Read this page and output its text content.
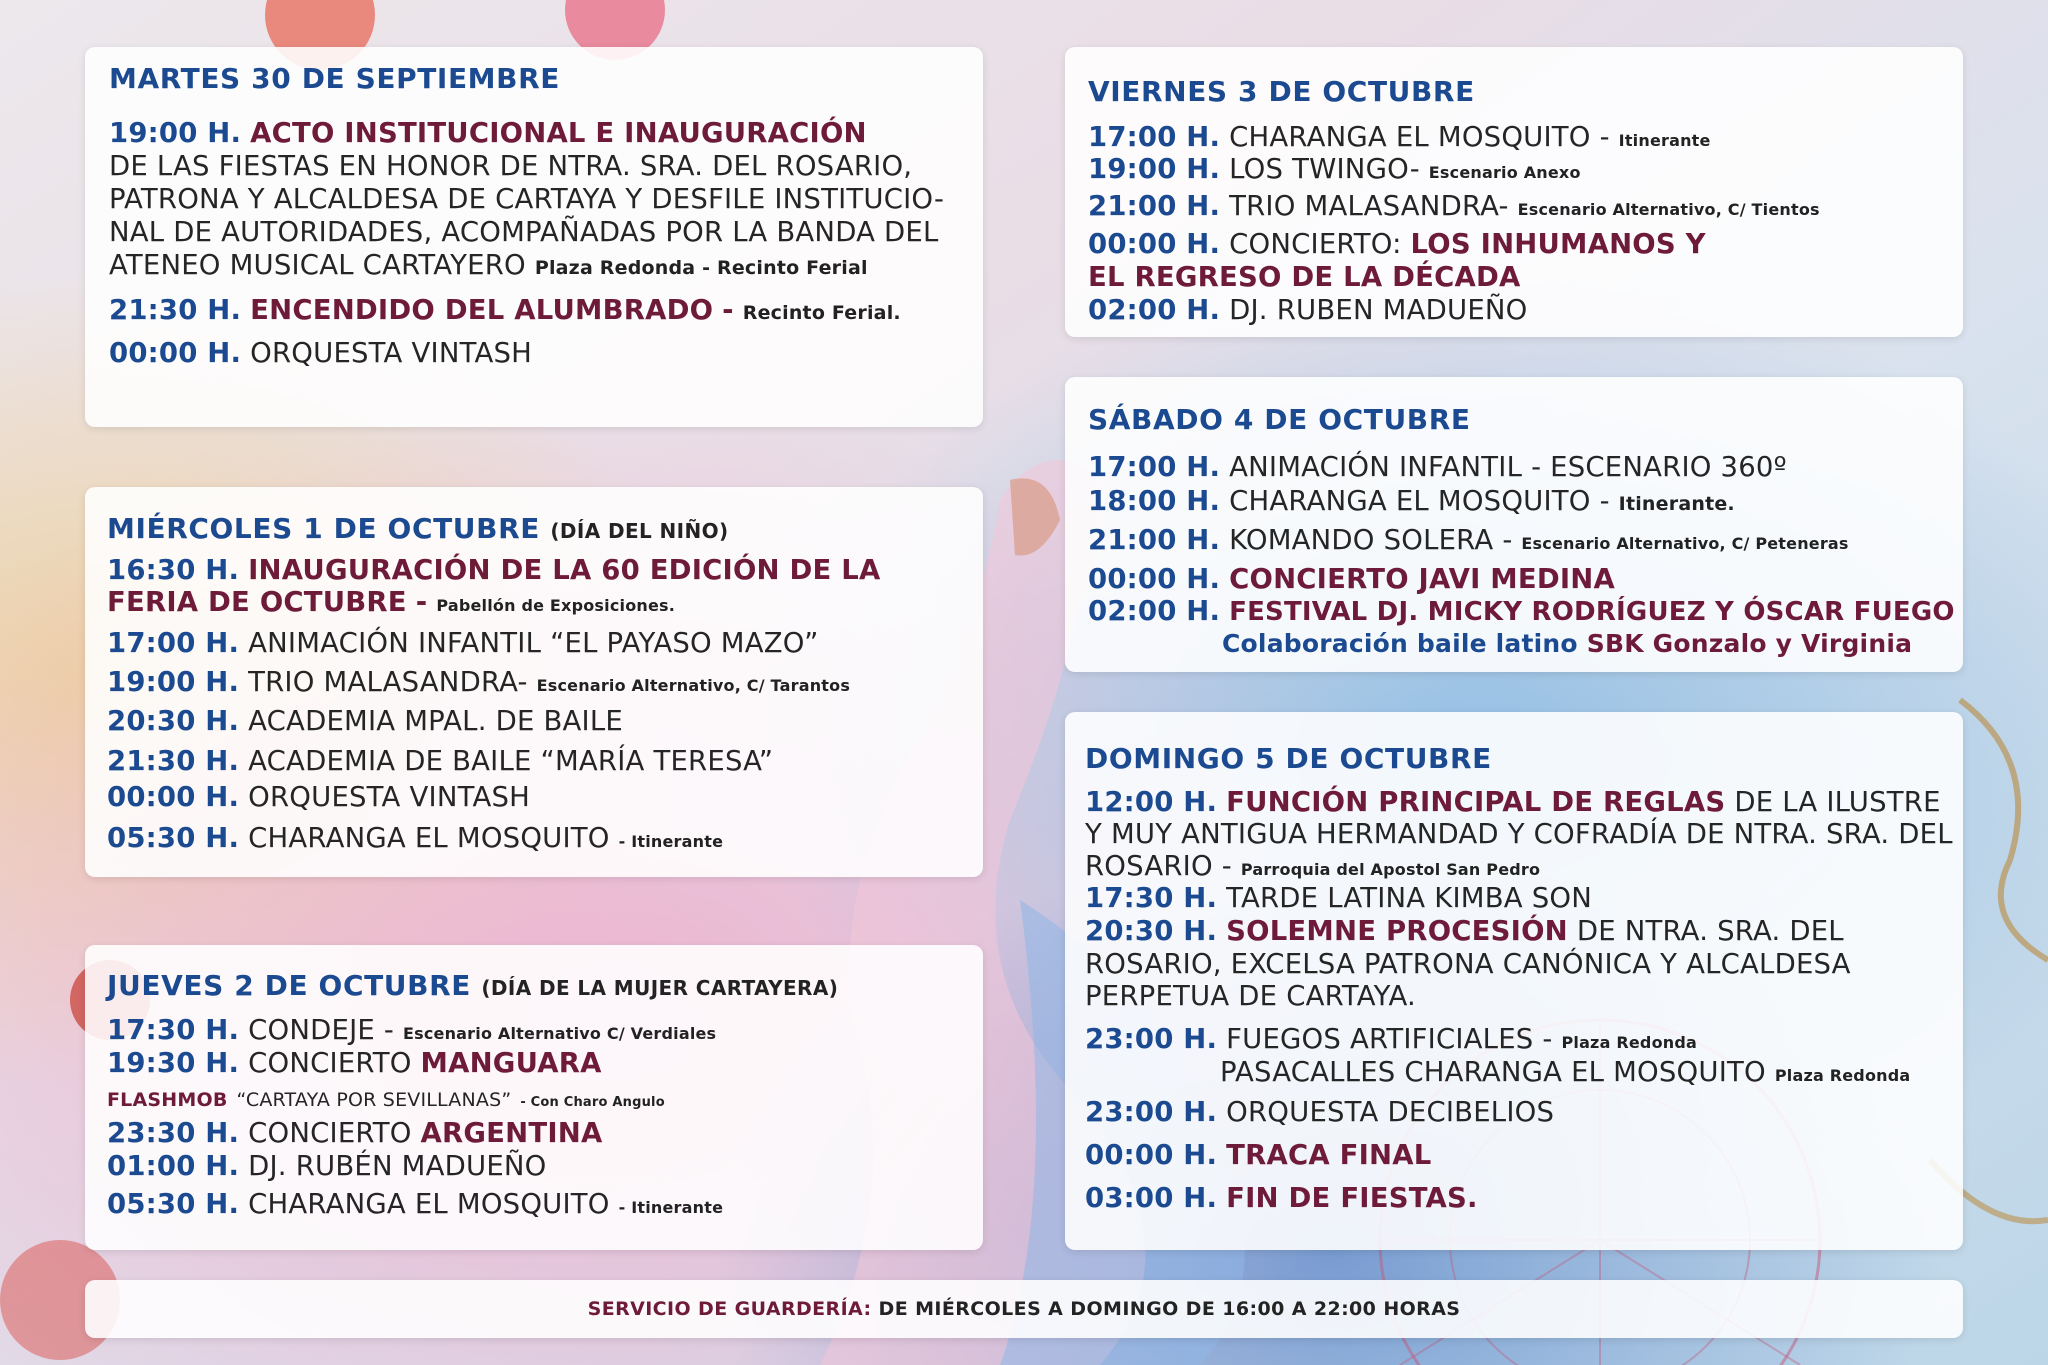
MARTES 30 DE SEPTIEMBRE
19:00 H. ACTO INSTITUCIONAL E INAUGURACIÓN
DE LAS FIESTAS EN HONOR DE NTRA. SRA. DEL ROSARIO,
PATRONA Y ALCALDESA DE CARTAYA Y DESFILE INSTITUCIO-
NAL DE AUTORIDADES, ACOMPAÑADAS POR LA BANDA DEL
ATENEO MUSICAL CARTAYERO Plaza Redonda - Recinto Ferial
21:30 H. ENCENDIDO DEL ALUMBRADO - Recinto Ferial.
00:00 H. ORQUESTA VINTASH
MIÉRCOLES 1 DE OCTUBRE (DÍA DEL NIÑO)
16:30 H. INAUGURACIÓN DE LA 60 EDICIÓN DE LA
FERIA DE OCTUBRE - Pabellón de Exposiciones.
17:00 H. ANIMACIÓN INFANTIL “EL PAYASO MAZO”
19:00 H. TRIO MALASANDRA- Escenario Alternativo, C/ Tarantos
20:30 H. ACADEMIA MPAL. DE BAILE
21:30 H. ACADEMIA DE BAILE “MARÍA TERESA”
00:00 H. ORQUESTA VINTASH
05:30 H. CHARANGA EL MOSQUITO - Itinerante
JUEVES 2 DE OCTUBRE (DÍA DE LA MUJER CARTAYERA)
17:30 H. CONDEJE - Escenario Alternativo C/ Verdiales
19:30 H. CONCIERTO MANGUARA
FLASHMOB “CARTAYA POR SEVILLANAS” - Con Charo Angulo
23:30 H. CONCIERTO ARGENTINA
01:00 H. DJ. RUBÉN MADUEÑO
05:30 H. CHARANGA EL MOSQUITO - Itinerante
VIERNES 3 DE OCTUBRE
17:00 H. CHARANGA EL MOSQUITO - Itinerante
19:00 H. LOS TWINGO- Escenario Anexo
21:00 H. TRIO MALASANDRA- Escenario Alternativo, C/ Tientos
00:00 H. CONCIERTO: LOS INHUMANOS Y
EL REGRESO DE LA DÉCADA
02:00 H. DJ. RUBEN MADUEÑO
SÁBADO 4 DE OCTUBRE
17:00 H. ANIMACIÓN INFANTIL - ESCENARIO 360º
18:00 H. CHARANGA EL MOSQUITO - Itinerante.
21:00 H. KOMANDO SOLERA - Escenario Alternativo, C/ Peteneras
00:00 H. CONCIERTO JAVI MEDINA
02:00 H. FESTIVAL DJ. MICKY RODRÍGUEZ Y ÓSCAR FUEGO
Colaboración baile latino SBK Gonzalo y Virginia
DOMINGO 5 DE OCTUBRE
12:00 H. FUNCIÓN PRINCIPAL DE REGLAS DE LA ILUSTRE
Y MUY ANTIGUA HERMANDAD Y COFRADÍA DE NTRA. SRA. DEL
ROSARIO - Parroquia del Apostol San Pedro
17:30 H. TARDE LATINA KIMBA SON
20:30 H. SOLEMNE PROCESIÓN DE NTRA. SRA. DEL
ROSARIO, EXCELSA PATRONA CANÓNICA Y ALCALDESA
PERPETUA DE CARTAYA.
23:00 H. FUEGOS ARTIFICIALES - Plaza Redonda
PASACALLES CHARANGA EL MOSQUITO Plaza Redonda
23:00 H. ORQUESTA DECIBELIOS
00:00 H. TRACA FINAL
03:00 H. FIN DE FIESTAS.
SERVICIO DE GUARDERÍA: DE MIÉRCOLES A DOMINGO DE 16:00 A 22:00 HORAS
